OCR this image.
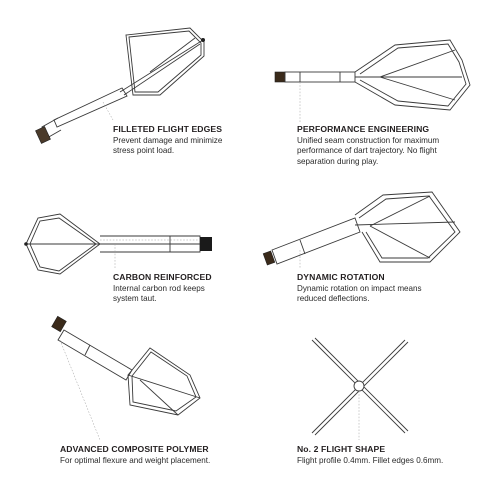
FILLETED FLIGHT EDGES

Prevent damage and minimize
stress point load.

PERFORMANCE ENGINEERING

Unified seam construction for maximum
performance of dart trajectory. No flight
separation during play.

CARBON REINFORCED

Internal carbon rod keeps
system taut.

DYNAMIC ROTATION

Dynamic rotation on impact means
reduced deflections.

ADVANCED COMPOSITE POLYMER

For optimal flexure and weight placement.

No. 2 FLIGHT SHAPE

Flight profile 0.4mm. Fillet edges 0.6mm.
